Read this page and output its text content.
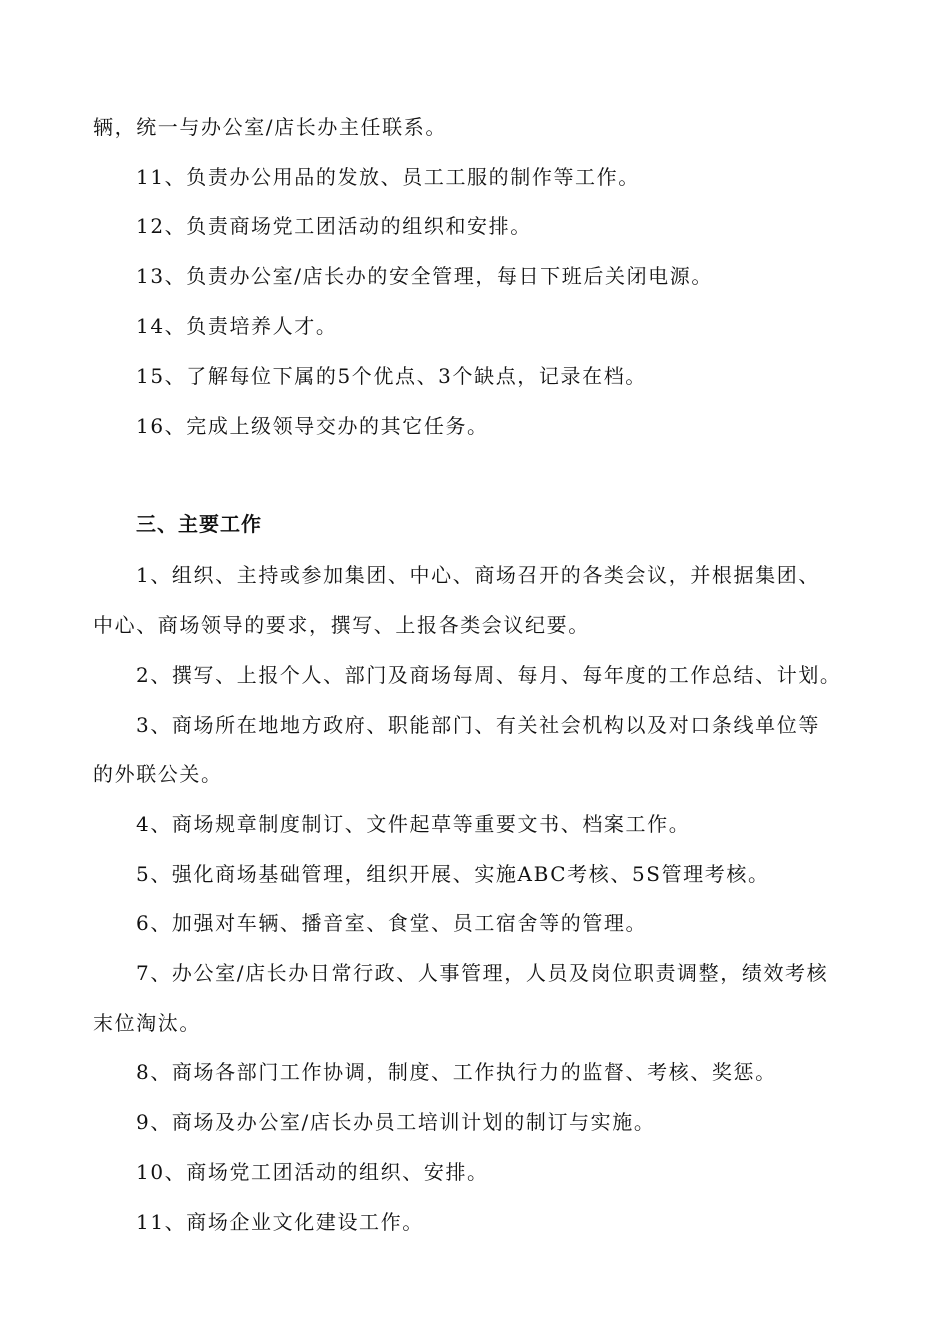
辆，统一与办公室/店长办主任联系。
11、负责办公用品的发放、员工工服的制作等工作。
12、负责商场党工团活动的组织和安排。
13、负责办公室/店长办的安全管理，每日下班后关闭电源。
14、负责培养人才。
15、了解每位下属的5个优点、3个缺点，记录在档。
16、完成上级领导交办的其它任务。
三、主要工作
1、组织、主持或参加集团、中心、商场召开的各类会议，并根据集团、
中心、商场领导的要求，撰写、上报各类会议纪要。
2、撰写、上报个人、部门及商场每周、每月、每年度的工作总结、计划。
3、商场所在地地方政府、职能部门、有关社会机构以及对口条线单位等
的外联公关。
4、商场规章制度制订、文件起草等重要文书、档案工作。
5、强化商场基础管理，组织开展、实施ABC考核、5S管理考核。
6、加强对车辆、播音室、食堂、员工宿舍等的管理。
7、办公室/店长办日常行政、人事管理，人员及岗位职责调整，绩效考核
末位淘汰。
8、商场各部门工作协调，制度、工作执行力的监督、考核、奖惩。
9、商场及办公室/店长办员工培训计划的制订与实施。
10、商场党工团活动的组织、安排。
11、商场企业文化建设工作。
